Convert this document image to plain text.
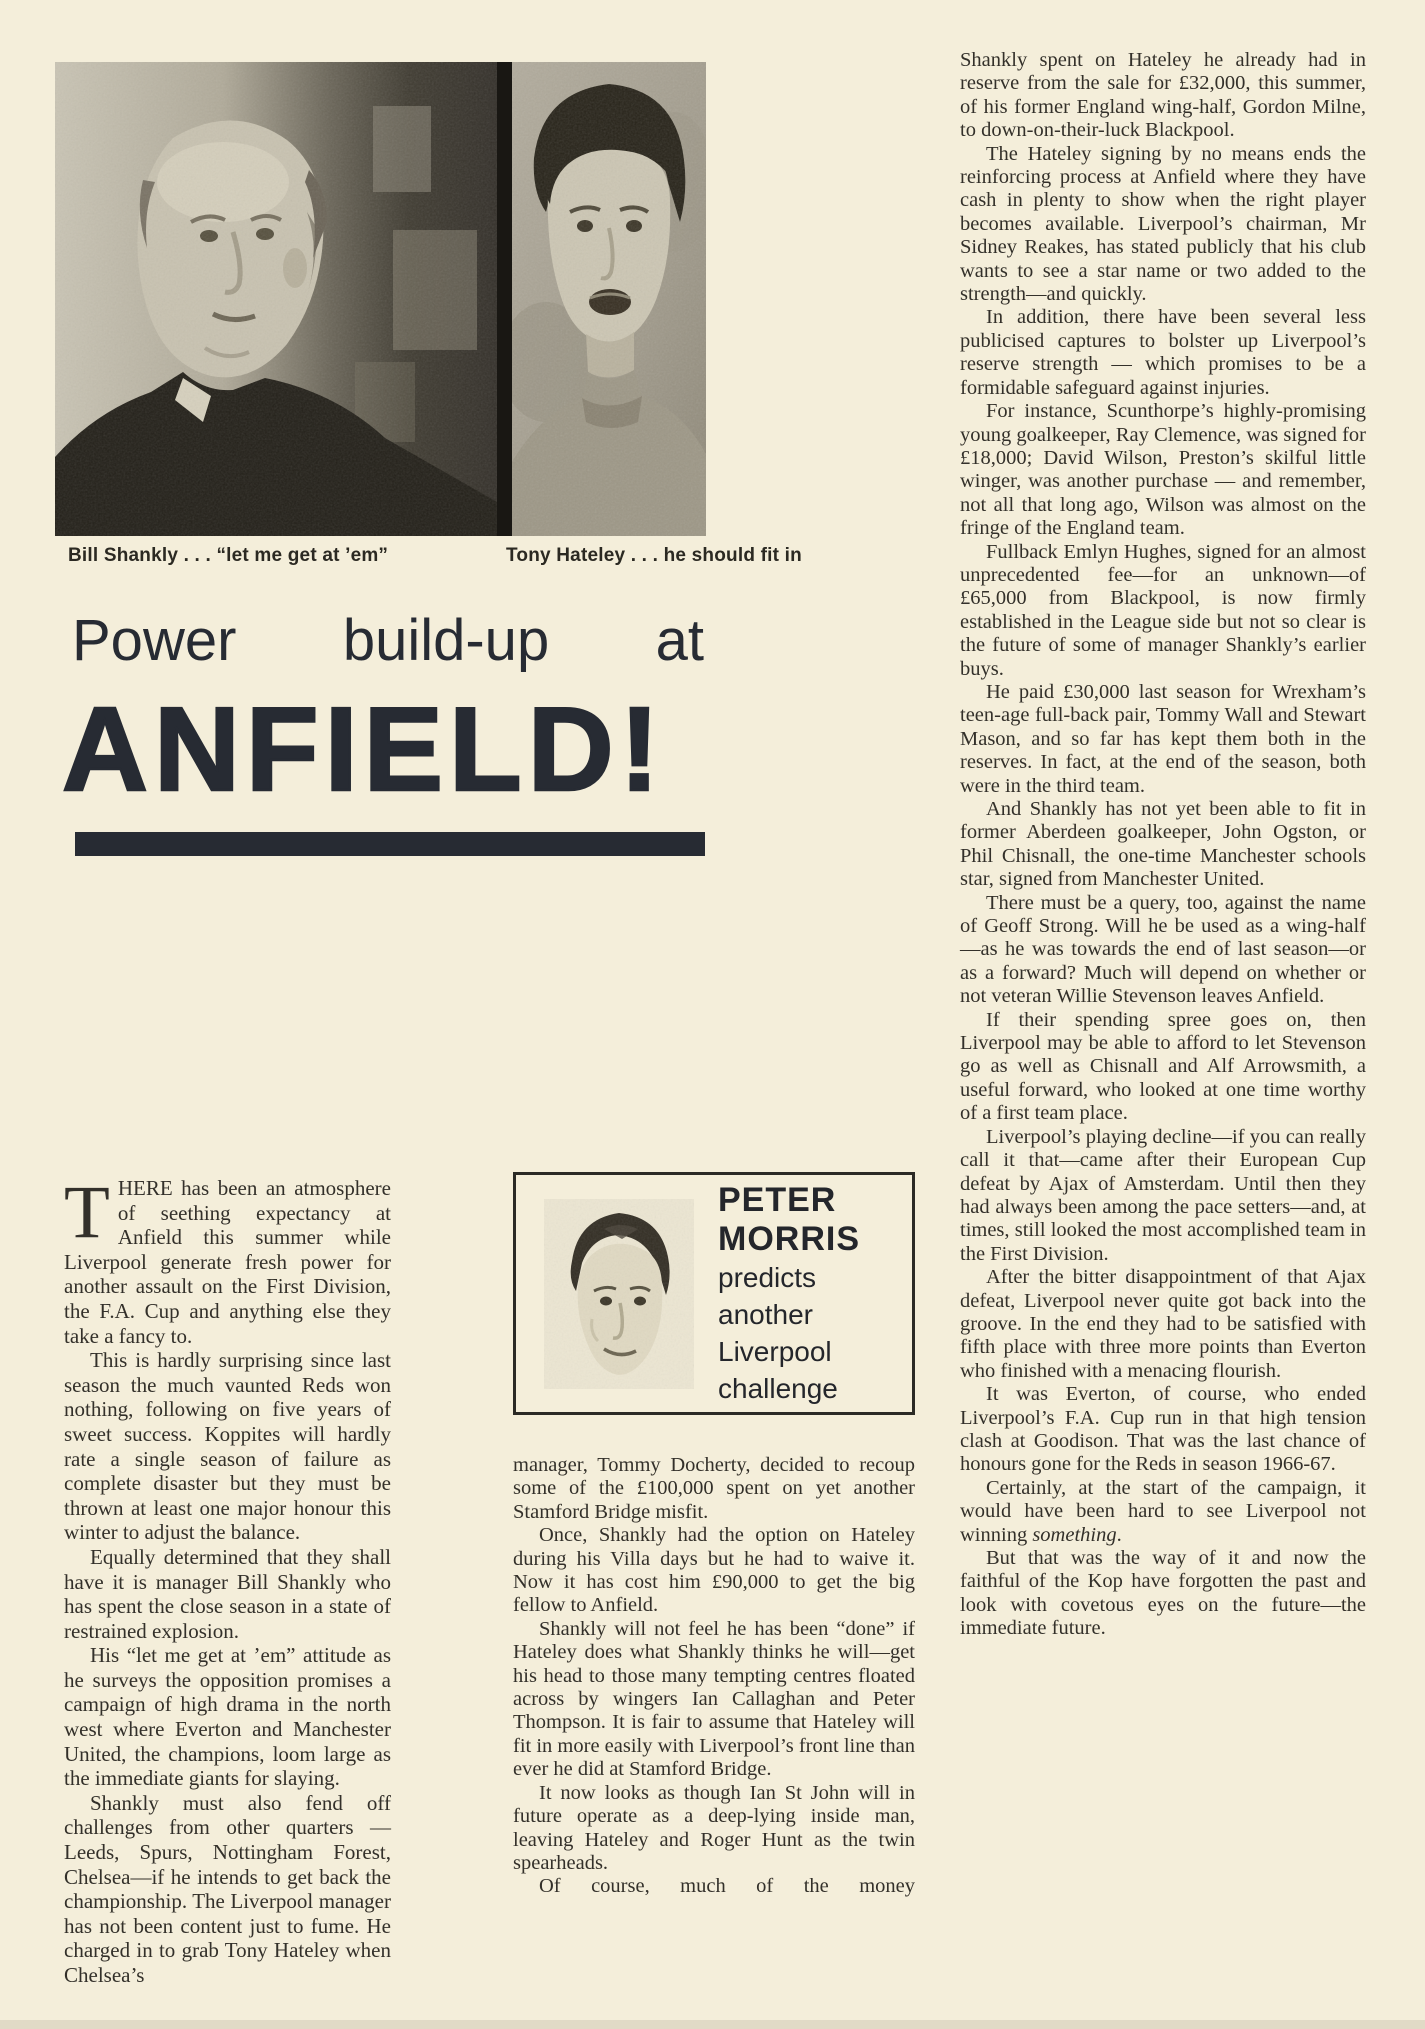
Bill Shankly . . . “let me get at ’em”	Tony Hateley . . . he should fit in
Power build-up at
ANFIELD!

THERE has been an atmosphere of seething expectancy at Anfield this summer while Liverpool generate fresh power for another assault on the First Division, the F.A. Cup and anything else they take a fancy to.

This is hardly surprising since last season the much vaunted Reds won nothing, following on five years of sweet success. Koppites will hardly rate a single season of failure as complete disaster but they must be thrown at least one major honour this winter to adjust the balance.

Equally determined that they shall have it is manager Bill Shankly who has spent the close season in a state of restrained explosion.

His “let me get at ’em” attitude as he surveys the opposition promises a campaign of high drama in the north west where Everton and Manchester United, the champions, loom large as the immediate giants for slaying.

Shankly must also fend off challenges from other quarters — Leeds, Spurs, Nottingham Forest, Chelsea—if he intends to get back the championship. The Liverpool manager has not been content just to fume. He charged in to grab Tony Hateley when Chelsea’s

PETER
MORRIS
predicts
another
Liverpool
challenge

manager, Tommy Docherty, decided to recoup some of the £100,000 spent on yet another Stamford Bridge misfit.

Once, Shankly had the option on Hateley during his Villa days but he had to waive it. Now it has cost him £90,000 to get the big fellow to Anfield.

Shankly will not feel he has been “done” if Hateley does what Shankly thinks he will—get his head to those many tempting centres floated across by wingers Ian Callaghan and Peter Thompson. It is fair to assume that Hateley will fit in more easily with Liverpool’s front line than ever he did at Stamford Bridge.

It now looks as though Ian St John will in future operate as a deep-lying inside man, leaving Hateley and Roger Hunt as the twin spearheads.

Of course, much of the money

Shankly spent on Hateley he already had in reserve from the sale for £32,000, this summer, of his former England wing-half, Gordon Milne, to down-on-their-luck Blackpool.

The Hateley signing by no means ends the reinforcing process at Anfield where they have cash in plenty to show when the right player becomes available. Liverpool’s chairman, Mr Sidney Reakes, has stated publicly that his club wants to see a star name or two added to the strength—and quickly.

In addition, there have been several less publicised captures to bolster up Liverpool’s reserve strength — which promises to be a formidable safeguard against injuries.

For instance, Scunthorpe’s highly-promising young goalkeeper, Ray Clemence, was signed for £18,000; David Wilson, Preston’s skilful little winger, was another purchase — and remember, not all that long ago, Wilson was almost on the fringe of the England team.

Fullback Emlyn Hughes, signed for an almost unprecedented fee—for an unknown—of £65,000 from Blackpool, is now firmly established in the League side but not so clear is the future of some of manager Shankly’s earlier buys.

He paid £30,000 last season for Wrexham’s teen-age full-back pair, Tommy Wall and Stewart Mason, and so far has kept them both in the reserves. In fact, at the end of the season, both were in the third team.

And Shankly has not yet been able to fit in former Aberdeen goalkeeper, John Ogston, or Phil Chisnall, the one-time Manchester schools star, signed from Manchester United.

There must be a query, too, against the name of Geoff Strong. Will he be used as a wing-half—as he was towards the end of last season—or as a forward? Much will depend on whether or not veteran Willie Stevenson leaves Anfield.

If their spending spree goes on, then Liverpool may be able to afford to let Stevenson go as well as Chisnall and Alf Arrowsmith, a useful forward, who looked at one time worthy of a first team place.

Liverpool’s playing decline—if you can really call it that—came after their European Cup defeat by Ajax of Amsterdam. Until then they had always been among the pace setters—and, at times, still looked the most accomplished team in the First Division.

After the bitter disappointment of that Ajax defeat, Liverpool never quite got back into the groove. In the end they had to be satisfied with fifth place with three more points than Everton who finished with a menacing flourish.

It was Everton, of course, who ended Liverpool’s F.A. Cup run in that high tension clash at Goodison. That was the last chance of honours gone for the Reds in season 1966-67.

Certainly, at the start of the campaign, it would have been hard to see Liverpool not winning something.

But that was the way of it and now the faithful of the Kop have forgotten the past and look with covetous eyes on the future—the immediate future.
